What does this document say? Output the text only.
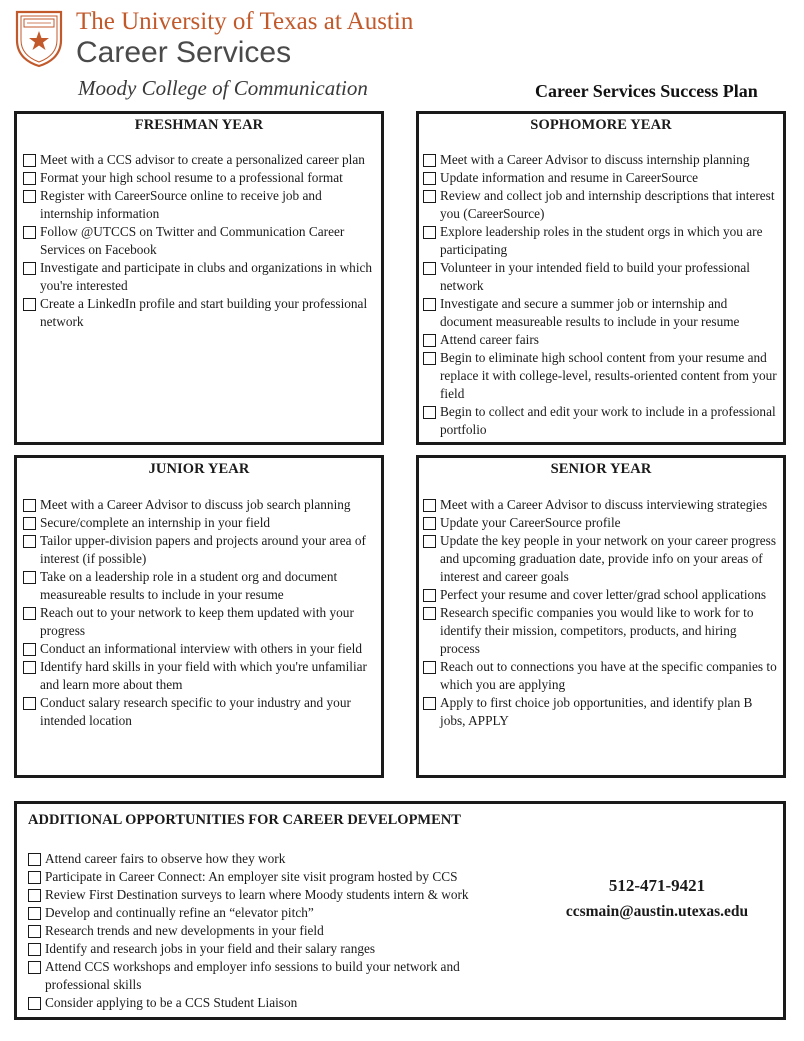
The University of Texas at Austin
Career Services
Moody College of Communication	Career Services Success Plan
FRESHMAN YEAR
Meet with a CCS advisor to create a personalized career plan
Format your high school resume to a professional format
Register with CareerSource online to receive job and internship information
Follow @UTCCS on Twitter and Communication Career Services on Facebook
Investigate and participate in clubs and organizations in which you're interested
Create a LinkedIn profile and start building your professional network
SOPHOMORE YEAR
Meet with a Career Advisor to discuss internship planning
Update information and resume in CareerSource
Review and collect job and internship descriptions that interest you (CareerSource)
Explore leadership roles in the student orgs in which you are participating
Volunteer in your intended field to build your professional network
Investigate and secure a summer job or internship and document measureable results to include in your resume
Attend career fairs
Begin to eliminate high school content from your resume and replace it with college-level, results-oriented content from your field
Begin to collect and edit your work to include in a professional portfolio
JUNIOR YEAR
Meet with a Career Advisor to discuss job search planning
Secure/complete an internship in your field
Tailor upper-division papers and projects around your area of interest (if possible)
Take on a leadership role in a student org and document measureable results to include in your resume
Reach out to your network to keep them updated with your progress
Conduct an informational interview with others in your field
Identify hard skills in your field with which you're unfamiliar and learn more about them
Conduct salary research specific to your industry and your intended location
SENIOR YEAR
Meet with a Career Advisor to discuss interviewing strategies
Update your CareerSource profile
Update the key people in your network on your career progress and upcoming graduation date, provide info on your areas of interest and career goals
Perfect your resume and cover letter/grad school applications
Research specific companies you would like to work for to identify their mission, competitors, products, and hiring process
Reach out to connections you have at the specific companies to which you are applying
Apply to first choice job opportunities, and identify plan B jobs, APPLY
ADDITIONAL OPPORTUNITIES FOR CAREER DEVELOPMENT
Attend career fairs to observe how they work
Participate in Career Connect: An employer site visit program hosted by CCS
Review First Destination surveys to learn where Moody students intern & work
Develop and continually refine an “elevator pitch”
Research trends and new developments in your field
Identify and research jobs in your field and their salary ranges
Attend CCS workshops and employer info sessions to build your network and professional skills
Consider applying to be a CCS Student Liaison
512-471-9421
ccsmain@austin.utexas.edu
